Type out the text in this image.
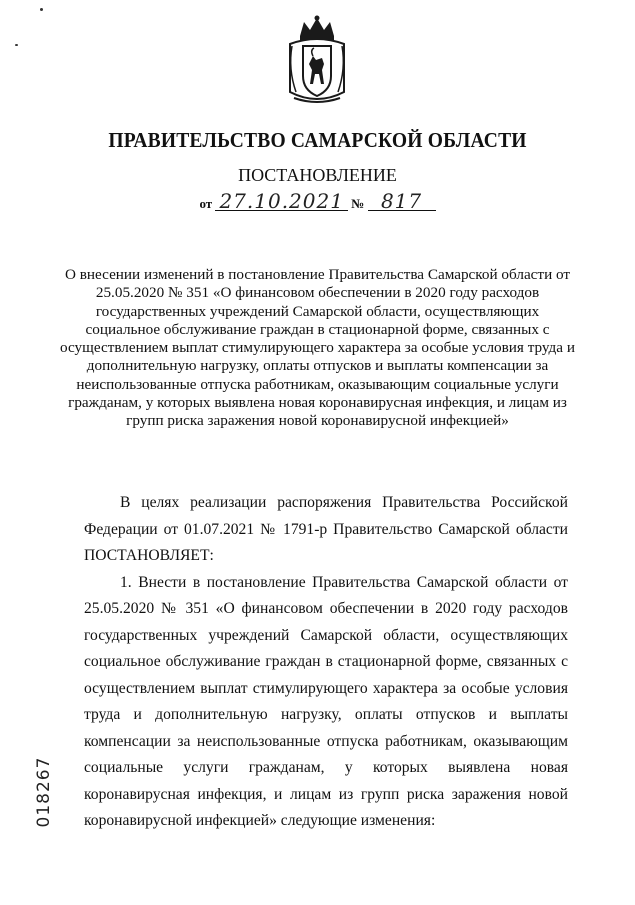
ПРАВИТЕЛЬСТВО САМАРСКОЙ ОБЛАСТИ
ПОСТАНОВЛЕНИЕ
от 27.10.2021 № 817
О внесении изменений в постановление Правительства Самарской области от 25.05.2020 № 351 «О финансовом обеспечении в 2020 году расходов государственных учреждений Самарской области, осуществляющих социальное обслуживание граждан в стационарной форме, связанных с осуществлением выплат стимулирующего характера за особые условия труда и дополнительную нагрузку, оплаты отпусков и выплаты компенсации за неиспользованные отпуска работникам, оказывающим социальные услуги гражданам, у которых выявлена новая коронавирусная инфекция, и лицам из групп риска заражения новой коронавирусной инфекцией»

В целях реализации распоряжения Правительства Российской Федерации от 01.07.2021 № 1791-р Правительство Самарской области ПОСТАНОВЛЯЕТ:

1. Внести в постановление Правительства Самарской области от 25.05.2020 № 351 «О финансовом обеспечении в 2020 году расходов государственных учреждений Самарской области, осуществляющих социальное обслуживание граждан в стационарной форме, связанных с осуществлением выплат стимулирующего характера за особые условия труда и дополнительную нагрузку, оплаты отпусков и выплаты компенсации за неиспользованные отпуска работникам, оказывающим социальные услуги гражданам, у которых выявлена новая коронавирусная инфекция, и лицам из групп риска заражения новой коронавирусной инфекцией» следующие изменения:

018267
